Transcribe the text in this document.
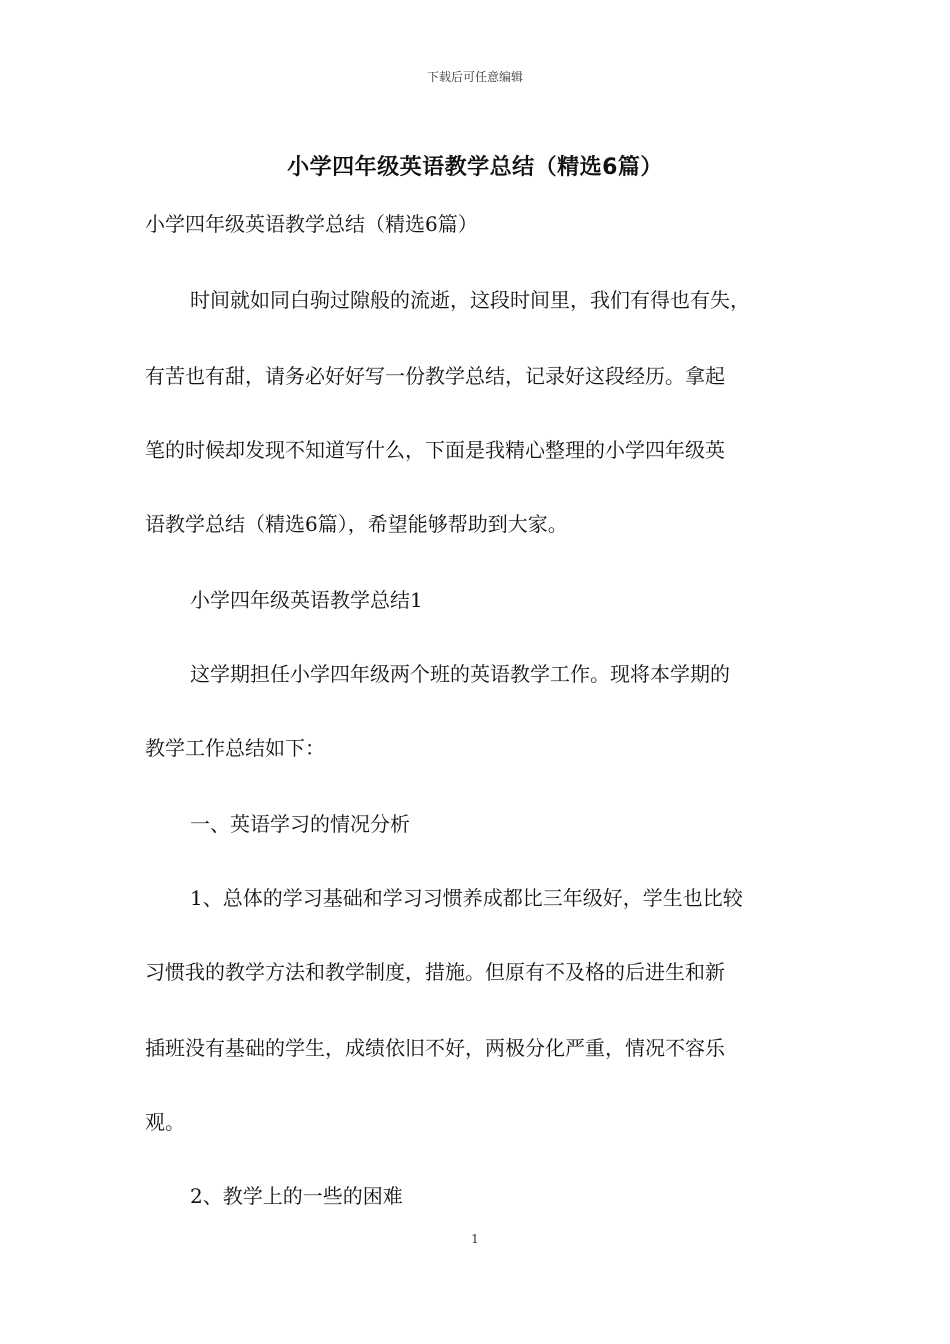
下载后可任意编辑
小学四年级英语教学总结（精选6篇）
小学四年级英语教学总结（精选6篇）
时间就如同白驹过隙般的流逝，这段时间里，我们有得也有失，
有苦也有甜，请务必好好写一份教学总结，记录好这段经历。拿起
笔的时候却发现不知道写什么，下面是我精心整理的小学四年级英
语教学总结（精选6篇），希望能够帮助到大家。
小学四年级英语教学总结1
这学期担任小学四年级两个班的英语教学工作。现将本学期的
教学工作总结如下：
一、英语学习的情况分析
1、总体的学习基础和学习习惯养成都比三年级好，学生也比较
习惯我的教学方法和教学制度，措施。但原有不及格的后进生和新
插班没有基础的学生，成绩依旧不好，两极分化严重，情况不容乐
观。
2、教学上的一些的困难
1
